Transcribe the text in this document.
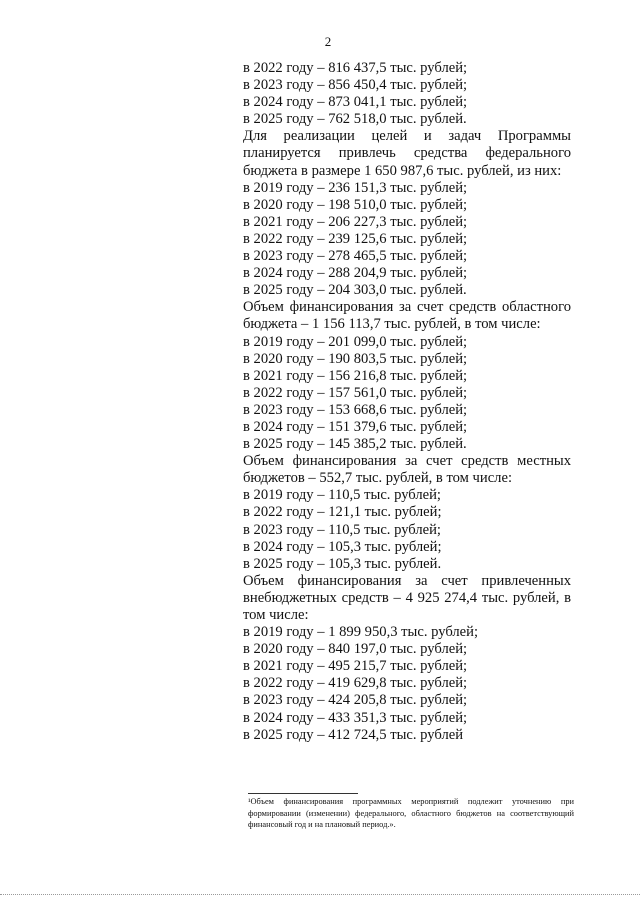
2
в 2022 году – 816 437,5 тыс. рублей;
в 2023 году – 856 450,4 тыс. рублей;
в 2024 году – 873 041,1 тыс. рублей;
в 2025 году – 762 518,0 тыс. рублей.

Для реализации целей и задач Программы планируется привлечь средства федерального бюджета в размере 1 650 987,6 тыс. рублей, из них:

в 2019 году – 236 151,3 тыс. рублей;
в 2020 году – 198 510,0 тыс. рублей;
в 2021 году – 206 227,3 тыс. рублей;
в 2022 году – 239 125,6 тыс. рублей;
в 2023 году – 278 465,5 тыс. рублей;
в 2024 году – 288 204,9 тыс. рублей;
в 2025 году – 204 303,0 тыс. рублей.

Объем финансирования за счет средств областного бюджета – 1 156 113,7 тыс. рублей, в том числе:

в 2019 году – 201 099,0 тыс. рублей;
в 2020 году – 190 803,5 тыс. рублей;
в 2021 году – 156 216,8 тыс. рублей;
в 2022 году – 157 561,0 тыс. рублей;
в 2023 году – 153 668,6 тыс. рублей;
в 2024 году – 151 379,6 тыс. рублей;
в 2025 году – 145 385,2 тыс. рублей.

Объем финансирования за счет средств местных бюджетов – 552,7 тыс. рублей, в том числе:

в 2019 году – 110,5 тыс. рублей;
в 2022 году – 121,1 тыс. рублей;
в 2023 году – 110,5 тыс. рублей;
в 2024 году – 105,3 тыс. рублей;
в 2025 году – 105,3 тыс. рублей.

Объем финансирования за счет привлеченных внебюджетных средств – 4 925 274,4 тыс. рублей, в том числе:

в 2019 году – 1 899 950,3 тыс. рублей;
в 2020 году – 840 197,0 тыс. рублей;
в 2021 году – 495 215,7 тыс. рублей;
в 2022 году – 419 629,8 тыс. рублей;
в 2023 году – 424 205,8 тыс. рублей;
в 2024 году – 433 351,3 тыс. рублей;
в 2025 году – 412 724,5 тыс. рублей
¹Объем финансирования программных мероприятий подлежит уточнению при формировании (изменении) федерального, областного бюджетов на соответствующий финансовый год и на плановый период.».
